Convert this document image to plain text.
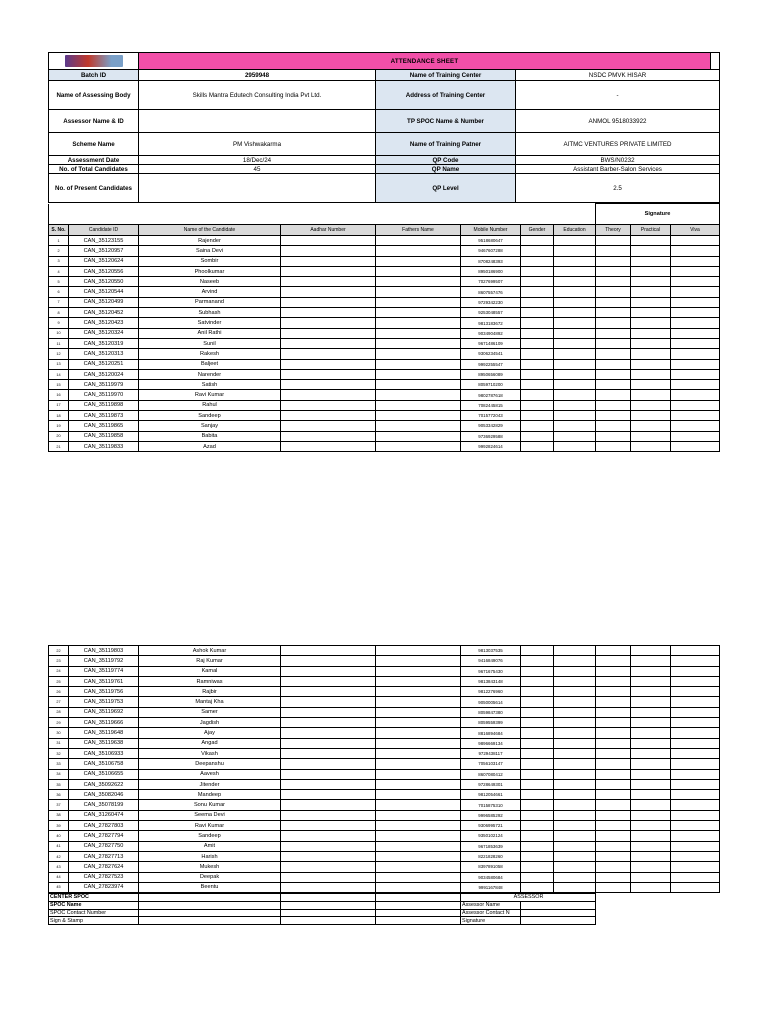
	ATTENDANCE SHEET			
Batch ID	2959948	Name of Training Center	NSDC PMVK HISAR	
Name of Assessing Body	Skills Mantra Edutech Consulting India Pvt Ltd.	Address of Training Center	-	
Assessor Name & ID		TP SPOC Name & Number	ANMOL 9518033922	
Scheme Name	PM Vishwakarma	Name of Training Patner	AITMC VENTURES PRIVATE LIMITED	
Assessment Date	18/Dec/24	QP Code	BWS/N0232	
No. of Total Candidates	45	QP Name	Assistant Barber-Salon Services	
No. of Present Candidates		QP Level	2.5	
								Signature		
S. No.	Candidate ID	Name of the Candidate	Aadhar Number	Fathers Name	Mobile Number	Gender	Education	Theory	Practical	Viva
1	CAN_35123155	Rajender			9518680647					
2	CAN_35120957	Saina Devi			9467607288					
3	CAN_35120624	Sombir			8708248393					
4	CAN_35120556	Phoolkumar			8950186900					
5	CAN_35120550	Naseeb			7027699507					
6	CAN_35120544	Arvind			8607557476					
7	CAN_35120499	Parmanand			9729342230					
8	CAN_35120452	Subhash			9253048557					
9	CAN_35120423	Satvinder			9813183672					
10	CAN_35120324	Anil Rathi			9034904892					
11	CAN_35120319	Sunil			9671486109					
12	CAN_35120313	Rakesh			9306234541					
13	CAN_35120251	Baljeet			9992255547					
14	CAN_35120024	Narender			8950656089					
15	CAN_35119979	Satish			8059710200					
16	CAN_35119970	Ravi Kumar			9802787618					
17	CAN_35119898	Rahul			7082445815					
18	CAN_35119873	Sandeep			7015772043					
19	CAN_35119865	Sanjay			9053342829					
20	CAN_35119858	Babita			9736929588					
21	CAN_35119833	Azad			9992824614					
22	CAN_35119803	Ashok Kumar			9813037535					
23	CAN_35119792	Raj Kumar			9416849076					
24	CAN_35119774	Kamal			9671675430					
25	CAN_35119761	Ramniwas			9813843148					
26	CAN_35119756	Rajbir			9812276960					
27	CAN_35119753	Mantaj Kha			9050005614					
28	CAN_35119692	Samer			8059847380					
29	CAN_35119666	Jagdish			8059559399					
30	CAN_35119648	Ajay			8816894684					
31	CAN_35119638	Angad			9896669134					
32	CAN_35106933	Vikash			9729438117					
33	CAN_35106758	Deepanshu			7056103147					
34	CAN_35106655	Aavesh			8607080412					
35	CAN_35092622	Jitender			9728649301					
36	CAN_35082046	Mandeep			9812054661					
37	CAN_35078199	Sonu Kumar			7015875310					
38	CAN_31260474	Seema Devi			9996585292					
39	CAN_27827803	Ravi Kumar			9306995721					
40	CAN_27827794	Sandeep			9350102124					
41	CAN_27827750	Amit			9671853639					
42	CAN_27827713	Harish			8221828260					
43	CAN_27827624	Mukesh			8397891058					
44	CAN_27827523	Deepak			9034580684					
45	CAN_27823974	Beentu			9991167848					
CENTER SPOC				ASSESSOR	
SPOC Name				Assessor Name	
SPOC Contact Number				Assessor Contact N	
Sign & Stamp				Signature	
